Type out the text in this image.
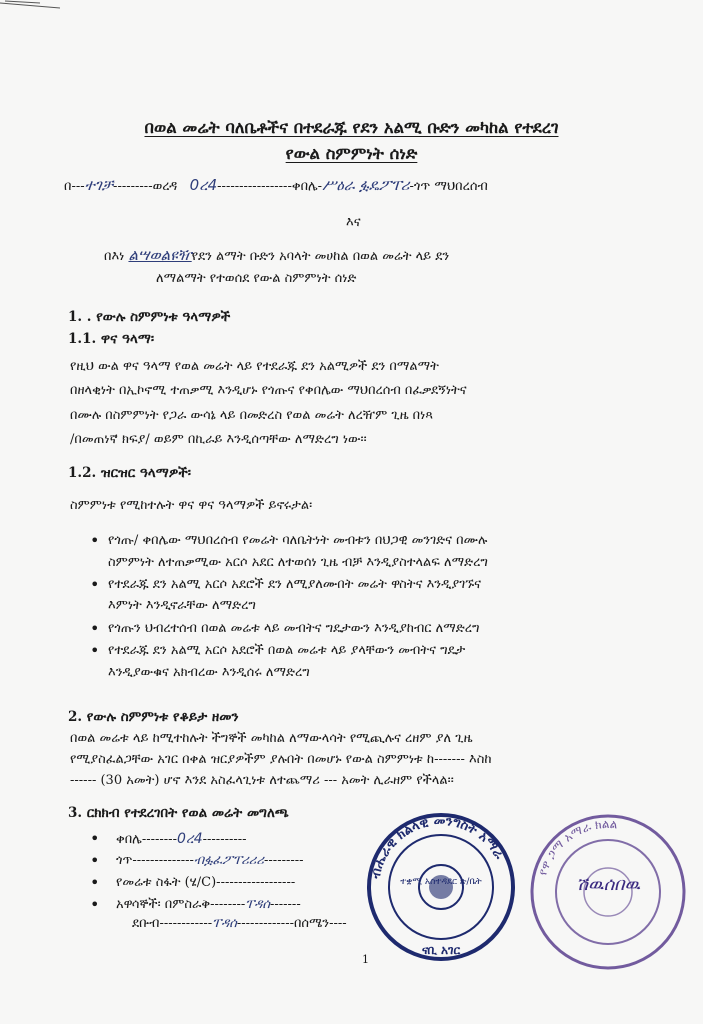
በወል መሬት ባለቤቶችና በተደራጁ የደን አልሚ ቡድን መካከል የተደረገ
የውል ስምምነት ሰነድ
በ---ተገቻ---------ወረዳ 0ረ4-----------------ቀበሌ-ሥዕራ ፏዴፖፐሪ-ጎጥ ማህበረሰብ
እና
በእነ ልሣወልዩዥየደን ልማት ቡድን አባላት መሀከል በወል መሬት ላይ ደን
ለማልማት የተወሰደ የውል ስምምነት ሰነድ
1. . የውሉ ስምምነቱ ዓላማዎች
1.1. ዋና ዓላማ፡
የዚህ ውል ዋና ዓላማ የወል መሬት ላይ የተደራጁ ደን አልሚዎች ደን በማልማት
በዘላቂነት በኢኮኖሚ ተጠቃሚ እንዲሆኑ የጎጡና የቀበሌው ማህበረሰብ በፈቃደኝነትና
በሙሉ በስምምነት የጋራ ውሳኔ ላይ በመድረስ የወል መሬት ለረዥም ጊዜ በነጻ
/በመጠነኛ ክፍያ/ ወይም በኪራይ እንዲሰጣቸው ለማድረግ ነው፡፡
1.2. ዝርዝር ዓላማዎች፡
ስምምነቱ የሚከተሉት ዋና ዋና ዓላማዎች ይኖሩታል፡
• የጎጡ/ ቀበሌው ማህበረሰብ የመሬት ባለቤትነት መብቱን በህጋዊ መንገድና በሙሉ
ስምምነት ለተጠቃሚው አርሶ አደር ለተወሰነ ጊዜ ብቻ እንዲያስተላልፍ ለማድረግ
• የተደራጁ ደን አልሚ አርሶ አደሮች ደን ለሚያለሙበት መሬት ዋስትና እንዲያገኙና
እምነት እንዲኖራቸው ለማድረግ
• የጎጡን ህብረተሰብ በወል መሬቱ ላይ መብትና ግዴታውን እንዲያከብር ለማድረግ
• የተደራጁ ደን አልሚ አርሶ አደሮች በወል መሬቱ ላይ ያላቸውን መብትና ግዴታ
እንዲያውቁና አክብረው እንዲሰሩ ለማድረግ
2. የውሉ ስምምነቱ የቆይታ ዘመን
በወል መሬቱ ላይ ከሚተከሉት ችግኞች መካከል ለማውላሳት የሚጪሉና ረዘም ያለ ጊዜ
የሚያስፈልጋቸው አገር በቀል ዝርያዎችም ያሉበት በመሆኑ የውል ስምምነቱ ከ------- እስከ
------ (30 አመት) ሆኖ እንደ አስፈላጊነቱ ለተጨማሪ --- አመት ሊራዘም የችላል፡፡
3. ርክክብ የተደረገበት የወል መሬት መግለጫ
• ቀበሌ--------0ረ4----------
• ጎጥ--------------ብፏፈፖፐሪሪሪ---------
• የመሬቱ ስፋት (ሄ/C)------------------
• አዋሳኞች፡ በምስራቅ--------ፐዳሰ-------
ደቡብ------------ፐዳሰ-------------በሰሜን----
ብሔራዊ ክልላዊ መንግስት አማራ
ተቋሚ አስተዳደር ጽ/ቤት
ናቢ አገር
የዋ ጋማ አማራ ክልል
ሽዉሰበዉ
1
